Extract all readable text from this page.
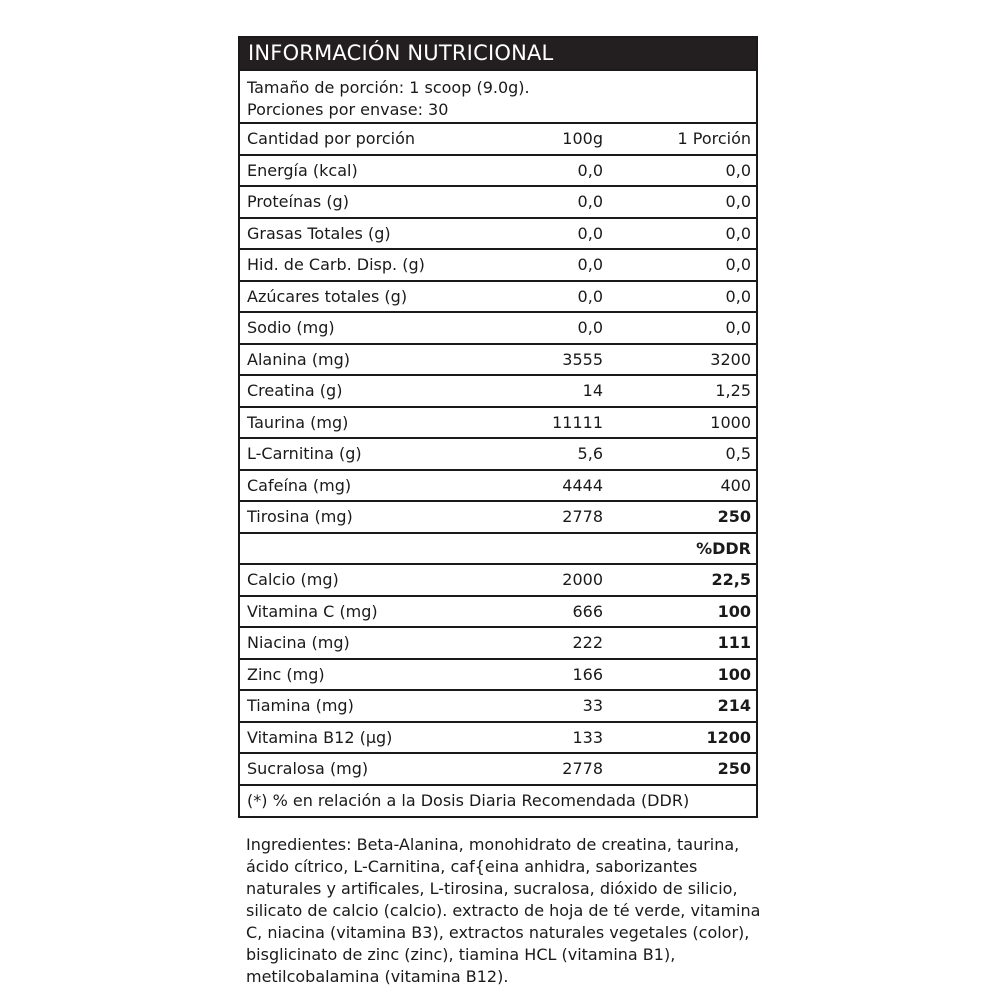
INFORMACIÓN NUTRICIONAL
Tamaño de porción: 1 scoop (9.0g).
Porciones por envase: 30
Cantidad por porción	100g	1 Porción
Energía (kcal)	0,0	0,0
Proteínas (g)	0,0	0,0
Grasas Totales (g)	0,0	0,0
Hid. de Carb. Disp. (g)	0,0	0,0
Azúcares totales (g)	0,0	0,0
Sodio (mg)	0,0	0,0
Alanina (mg)	3555	3200
Creatina (g)	14	1,25
Taurina (mg)	11111	1000
L-Carnitina (g)	5,6	0,5
Cafeína (mg)	4444	400
Tirosina (mg)	2778	250
%DDR
Calcio (mg)	2000	22,5
Vitamina C (mg)	666	100
Niacina (mg)	222	111
Zinc (mg)	166	100
Tiamina (mg)	33	214
Vitamina B12 (µg)	133	1200
Sucralosa (mg)	2778	250
(*) % en relación a la Dosis Diaria Recomendada (DDR)
Ingredientes: Beta-Alanina, monohidrato de creatina, taurina,
ácido cítrico, L-Carnitina, caf{eina anhidra, saborizantes
naturales y artificales, L-tirosina, sucralosa, dióxido de silicio,
silicato de calcio (calcio). extracto de hoja de té verde, vitamina
C, niacina (vitamina B3), extractos naturales vegetales (color),
bisglicinato de zinc (zinc), tiamina HCL (vitamina B1),
metilcobalamina (vitamina B12).
